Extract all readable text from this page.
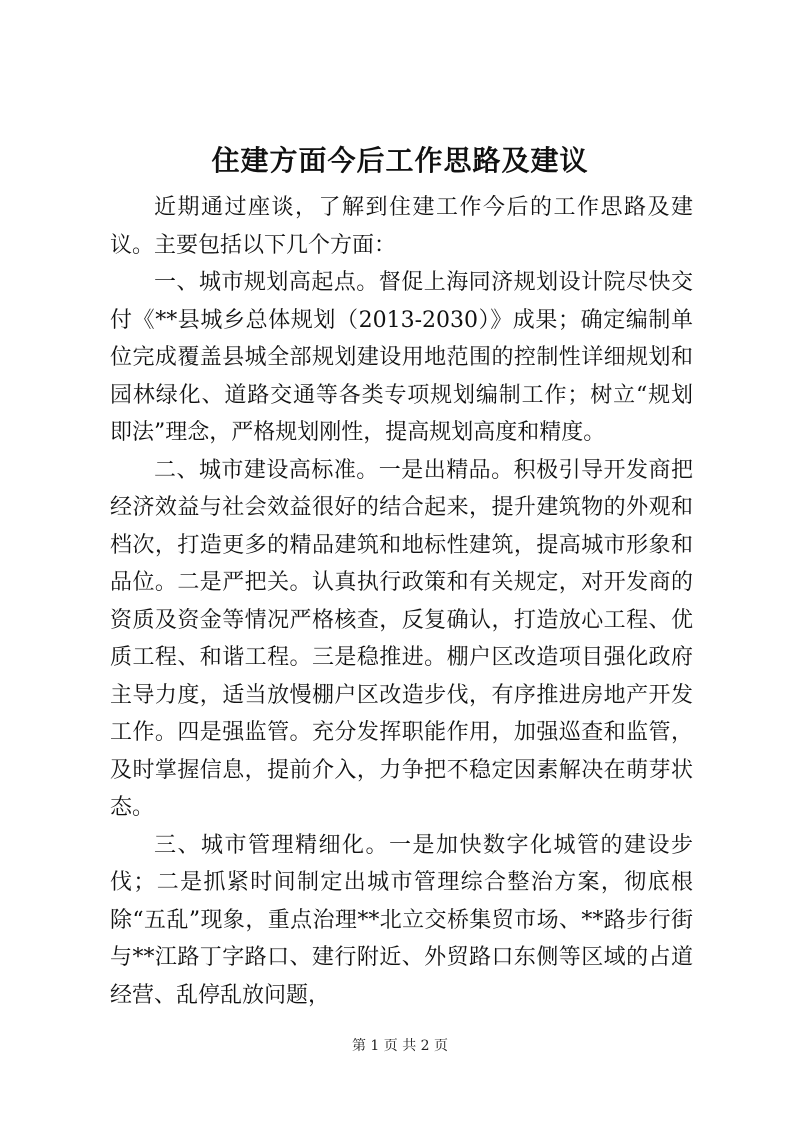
住建方面今后工作思路及建议

近期通过座谈，了解到住建工作今后的工作思路及建议。主要包括以下几个方面：

一、城市规划高起点。督促上海同济规划设计院尽快交付《**县城乡总体规划（2013-2030）》成果；确定编制单位完成覆盖县城全部规划建设用地范围的控制性详细规划和园林绿化、道路交通等各类专项规划编制工作；树立“规划即法”理念，严格规划刚性，提高规划高度和精度。

二、城市建设高标准。一是出精品。积极引导开发商把经济效益与社会效益很好的结合起来，提升建筑物的外观和档次，打造更多的精品建筑和地标性建筑，提高城市形象和品位。二是严把关。认真执行政策和有关规定，对开发商的资质及资金等情况严格核查，反复确认，打造放心工程、优质工程、和谐工程。三是稳推进。棚户区改造项目强化政府主导力度，适当放慢棚户区改造步伐，有序推进房地产开发工作。四是强监管。充分发挥职能作用，加强巡查和监管，及时掌握信息，提前介入，力争把不稳定因素解决在萌芽状态。

三、城市管理精细化。一是加快数字化城管的建设步伐；二是抓紧时间制定出城市管理综合整治方案，彻底根除“五乱”现象，重点治理**北立交桥集贸市场、**路步行街与**江路丁字路口、建行附近、外贸路口东侧等区域的占道经营、乱停乱放问题，

第 1 页 共 2 页
